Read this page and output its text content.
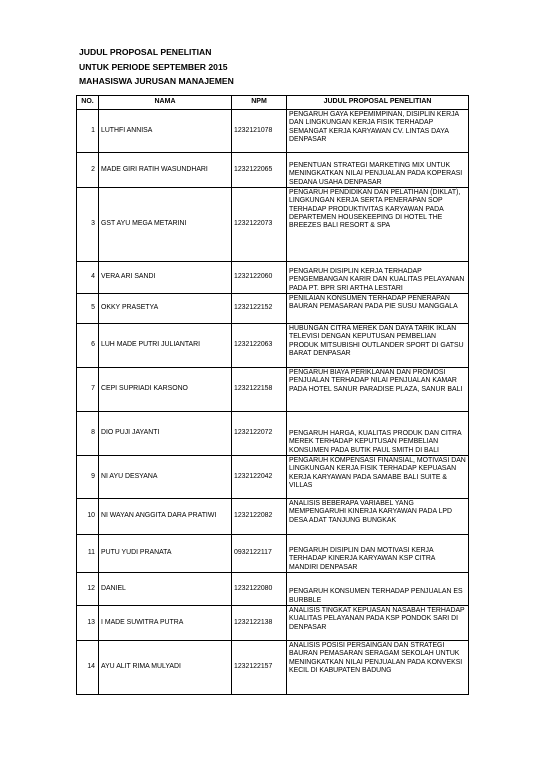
JUDUL PROPOSAL PENELITIAN
UNTUK PERIODE SEPTEMBER 2015
MAHASISWA JURUSAN MANAJEMEN
NO.	NAMA	NPM	JUDUL PROPOSAL PENELITIAN
1	LUTHFI ANNISA	1232121078	PENGARUH GAYA KEPEMIMPINAN, DISIPLIN KERJA DAN LINGKUNGAN KERJA FISIK TERHADAP SEMANGAT KERJA KARYAWAN CV. LINTAS DAYA DENPASAR
2	MADE GIRI RATIH WASUNDHARI	1232122065	PENENTUAN STRATEGI MARKETING MIX UNTUK MENINGKATKAN NILAI PENJUALAN PADA KOPERASI SEDANA USAHA DENPASAR
3	GST AYU MEGA METARINI	1232122073	PENGARUH PENDIDIKAN DAN PELATIHAN (DIKLAT), LINGKUNGAN KERJA SERTA PENERAPAN SOP TERHADAP PRODUKTIVITAS KARYAWAN PADA DEPARTEMEN HOUSEKEEPING DI HOTEL THE BREEZES BALI RESORT & SPA
4	VERA ARI SANDI	1232122060	PENGARUH DISIPLIN KERJA TERHADAP PENGEMBANGAN KARIR DAN KUALITAS PELAYANAN PADA PT. BPR SRI ARTHA LESTARI
5	OKKY PRASETYA	1232122152	PENILAIAN KONSUMEN TERHADAP PENERAPAN BAURAN PEMASARAN PADA PIE SUSU MANGGALA
6	LUH MADE PUTRI JULIANTARI	1232122063	HUBUNGAN CITRA MEREK DAN DAYA TARIK IKLAN TELEVISI DENGAN KEPUTUSAN PEMBELIAN PRODUK MITSUBISHI OUTLANDER SPORT DI GATSU BARAT DENPASAR
7	CEPI SUPRIADI KARSONO	1232122158	PENGARUH BIAYA PERIKLANAN DAN PROMOSI PENJUALAN TERHADAP NILAI PENJUALAN KAMAR PADA HOTEL SANUR PARADISE PLAZA, SANUR BALI
8	DIO PUJI JAYANTI	1232122072	PENGARUH HARGA, KUALITAS PRODUK DAN CITRA MEREK TERHADAP KEPUTUSAN PEMBELIAN KONSUMEN PADA BUTIK PAUL SMITH DI BALI
9	NI AYU DESYANA	1232122042	PENGARUH KOMPENSASI FINANSIAL, MOTIVASI DAN LINGKUNGAN KERJA FISIK TERHADAP KEPUASAN KERJA KARYAWAN PADA SAMABE BALI SUITE & VILLAS
10	NI WAYAN ANGGITA DARA PRATIWI	1232122082	ANALISIS BEBERAPA VARIABEL YANG MEMPENGARUHI KINERJA KARYAWAN PADA LPD DESA ADAT TANJUNG BUNGKAK
11	PUTU YUDI PRANATA	0932122117	PENGARUH DISIPLIN DAN MOTIVASI KERJA TERHADAP KINERJA KARYAWAN KSP CITRA MANDIRI DENPASAR
12	DANIEL	1232122080	PENGARUH KONSUMEN TERHADAP PENJUALAN ES BURBBLE
13	I MADE SUWITRA PUTRA	1232122138	ANALISIS TINGKAT KEPUASAN NASABAH TERHADAP KUALITAS PELAYANAN PADA KSP PONDOK SARI DI DENPASAR
14	AYU ALIT RIMA MULYADI	1232122157	ANALISIS POSISI PERSAINGAN DAN STRATEGI BAURAN PEMASARAN SERAGAM SEKOLAH UNTUK MENINGKATKAN NILAI PENJUALAN PADA KONVEKSI KECIL DI KABUPATEN BADUNG
